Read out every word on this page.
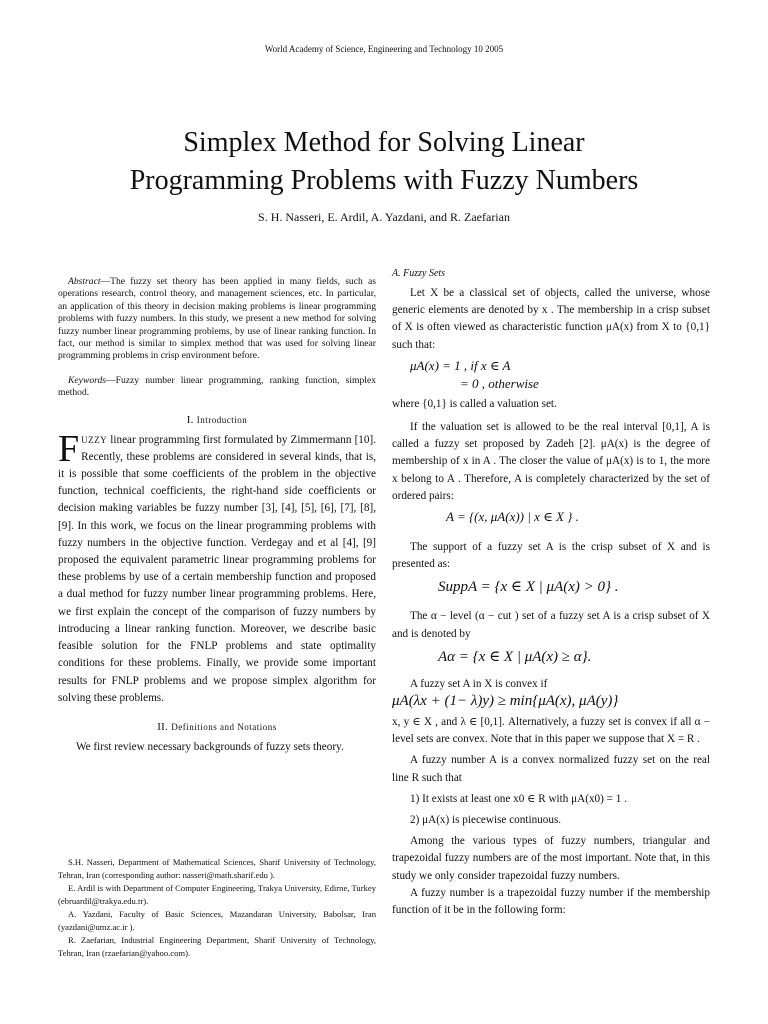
World Academy of Science, Engineering and Technology 10 2005
Simplex Method for Solving Linear
Programming Problems with Fuzzy Numbers
S. H. Nasseri, E. Ardil, A. Yazdani, and R. Zaefarian

Abstract—The fuzzy set theory has been applied in many fields, such as operations research, control theory, and management sciences, etc. In particular, an application of this theory in decision making problems is linear programming problems with fuzzy numbers. In this study, we present a new method for solving fuzzy number linear programming problems, by use of linear ranking function. In fact, our method is similar to simplex method that was used for solving linear programming problems in crisp environment before.

Keywords—Fuzzy number linear programming, ranking function, simplex method.

I. Introduction

FUZZY linear programming first formulated by Zimmermann [10]. Recently, these problems are considered in several kinds, that is, it is possible that some coefficients of the problem in the objective function, technical coefficients, the right-hand side coefficients or decision making variables be fuzzy number [3], [4], [5], [6], [7], [8], [9]. In this work, we focus on the linear programming problems with fuzzy numbers in the objective function. Verdegay and et al [4], [9] proposed the equivalent parametric linear programming problems for these problems by use of a certain membership function and proposed a dual method for fuzzy number linear programming problems. Here, we first explain the concept of the comparison of fuzzy numbers by introducing a linear ranking function. Moreover, we describe basic feasible solution for the FNLP problems and state optimality conditions for these problems. Finally, we provide some important results for FNLP problems and we propose simplex algorithm for solving these problems.

II. Definitions and Notations

We first review necessary backgrounds of fuzzy sets theory.

S.H. Nasseri, Department of Mathematical Sciences, Sharif University of Technology, Tehran, Iran (corresponding author: nasseri@math.sharif.edu ).

E. Ardil is with Department of Computer Engineering, Trakya University, Edirne, Turkey (ebruardil@trakya.edu.tr).

A. Yazdani, Faculty of Basic Sciences, Mazandaran University, Babolsar, Iran (yazdani@umz.ac.ir ).

R. Zaefarian, Industrial Engineering Department, Sharif University of Technology, Tehran, Iran (rzaefarian@yahoo.com).

A. Fuzzy Sets

Let X be a classical set of objects, called the universe, whose generic elements are denoted by x . The membership in a crisp subset of X is often viewed as characteristic function μA(x) from X to {0,1} such that:

μA(x) = 1 , if x ∈ A
= 0 , otherwise

where {0,1} is called a valuation set.

If the valuation set is allowed to be the real interval [0,1], A is called a fuzzy set proposed by Zadeh [2]. μA(x) is the degree of membership of x in A . The closer the value of μA(x) is to 1, the more x belong to A . Therefore, A is completely characterized by the set of ordered pairs:

A = {(x, μA(x)) | x ∈ X } .

The support of a fuzzy set A is the crisp subset of X and is presented as:

SuppA = {x ∈ X | μA(x) > 0} .

The α − level (α − cut ) set of a fuzzy set A is a crisp subset of X and is denoted by

Aα = {x ∈ X | μA(x) ≥ α}.

A fuzzy set A in X is convex if

μA(λx + (1− λ)y) ≥ min{μA(x), μA(y)}

x, y ∈ X , and λ ∈ [0,1]. Alternatively, a fuzzy set is convex if all α − level sets are convex. Note that in this paper we suppose that X = R .

A fuzzy number A is a convex normalized fuzzy set on the real line R such that

1) It exists at least one x0 ∈ R with μA(x0) = 1 .

2) μA(x) is piecewise continuous.

Among the various types of fuzzy numbers, triangular and trapezoidal fuzzy numbers are of the most important. Note that, in this study we only consider trapezoidal fuzzy numbers.

A fuzzy number is a trapezoidal fuzzy number if the membership function of it be in the following form:
